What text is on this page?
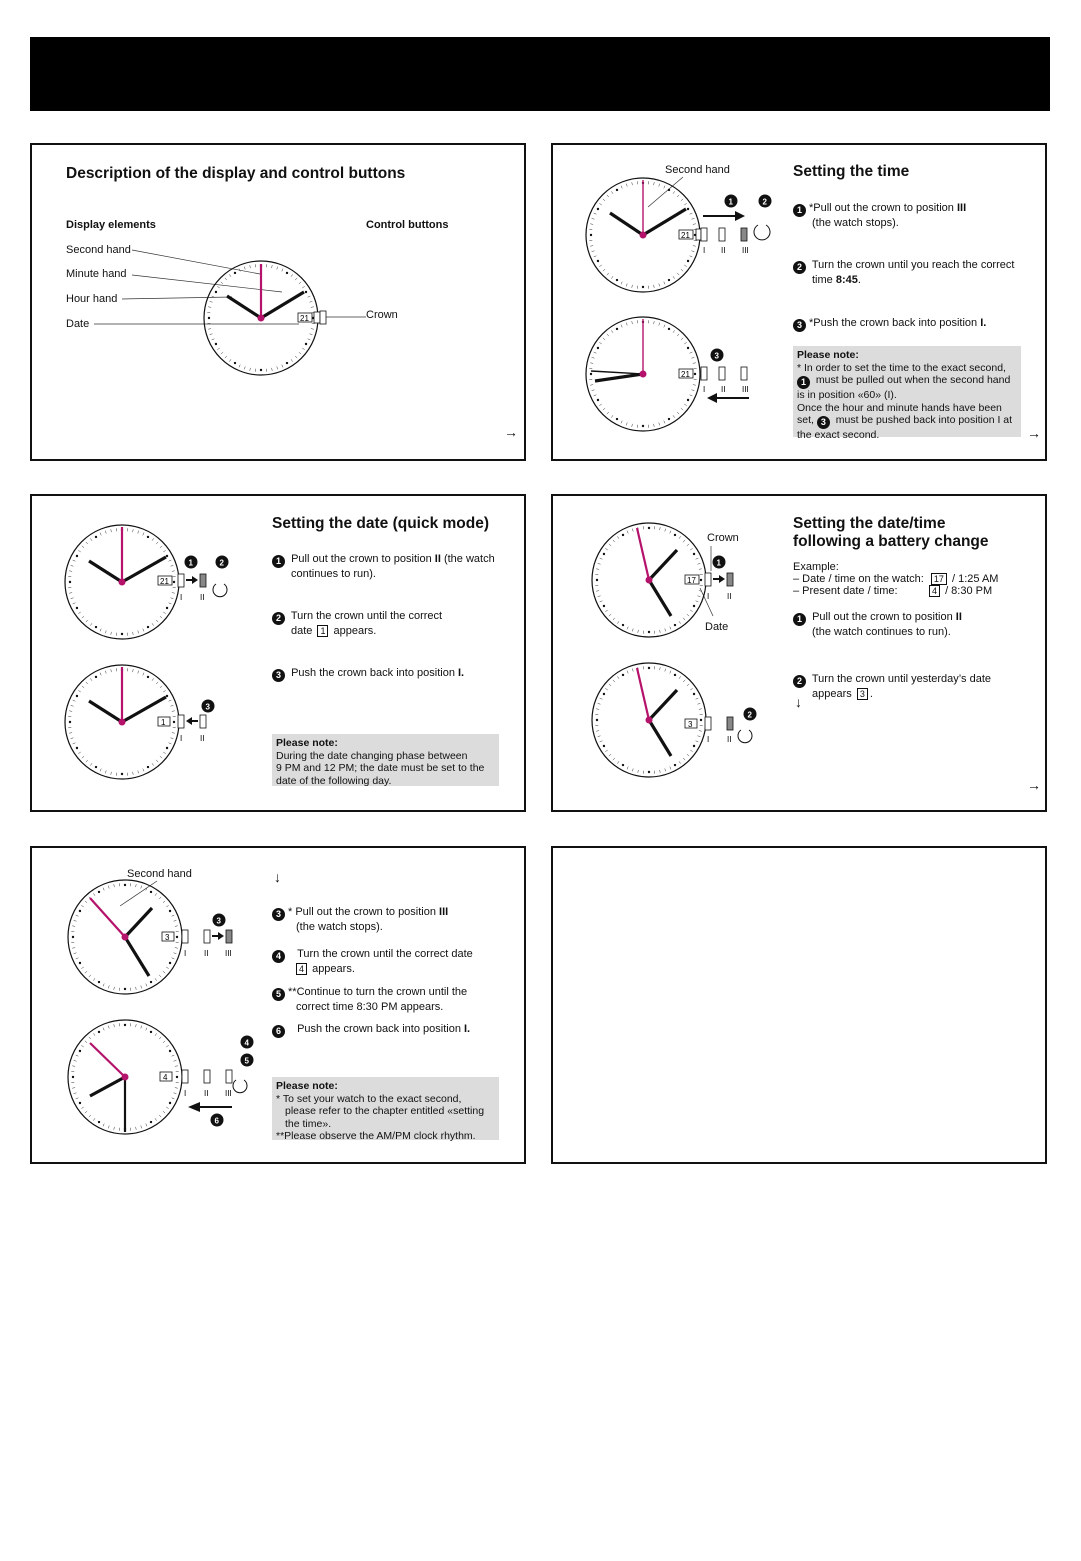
Description of the display and control buttons
Display elements	Control buttons
Second hand
Minute hand
Hour hand
Date
Crown
21
→
Setting the time
Second hand
21
1	2
I II III
21
3
I II III
1 *Pull out the crown to position III
(the watch stops).
2 Turn the crown until you reach the correct
time 8:45.
3 *Push the crown back into position I.
Please note:
* In order to set the time to the exact second,
1 must be pulled out when the second hand
is in position «60» (I).
Once the hour and minute hands have been
set, 3 must be pushed back into position I at
the exact second.	→
Setting the date (quick mode)
21
1	2
I II
1
3
I II
1 Pull out the crown to position II (the watch
continues to run).
2 Turn the crown until the correct
date 1 appears.
3 Push the crown back into position I.
Please note:
During the date changing phase between
9 PM and 12 PM; the date must be set to the
date of the following day.
Setting the date/time
following a battery change
Crown
Date
17
1
I II
3
2
I II
Example:
– Date / time on the watch: 17 / 1:25 AM
– Present date / time:	4 / 8:30 PM
1 Pull out the crown to position II
(the watch continues to run).
2 Turn the crown until yesterday’s date
appears 3 .
↓
→
Second hand	↓
3
3
I II III
4
4
5
6
I II III
3 * Pull out the crown to position III
(the watch stops).
4 Turn the crown until the correct date
4 appears.
5 **Continue to turn the crown until the
correct time 8:30 PM appears.
6 Push the crown back into position I.
Please note:
* To set your watch to the exact second,
please refer to the chapter entitled «setting
the time».
**Please observe the AM/PM clock rhythm.
